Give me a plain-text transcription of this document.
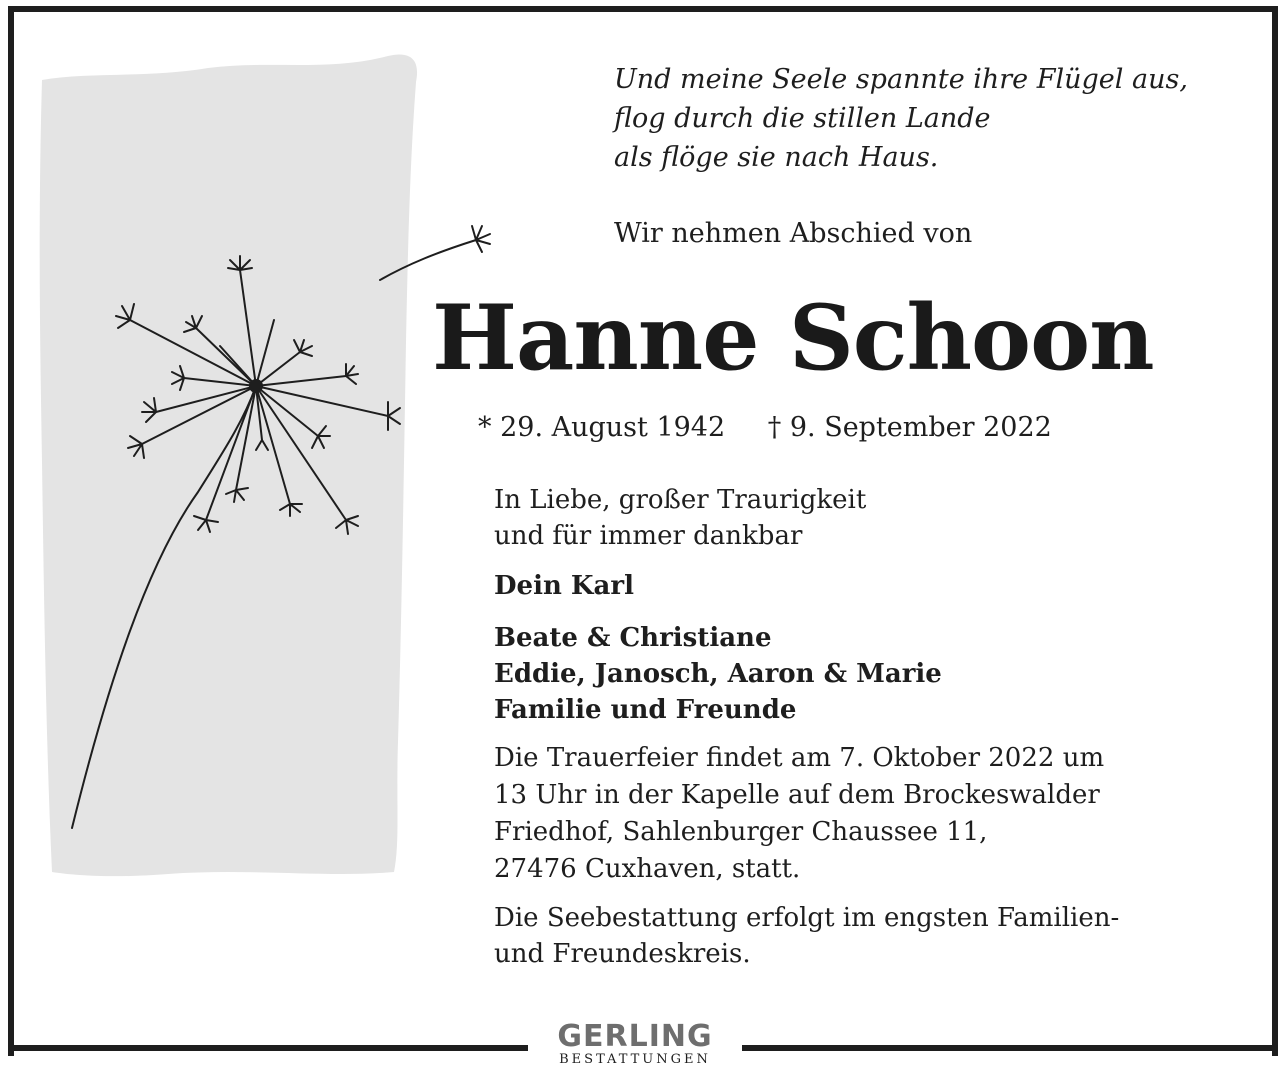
Und meine Seele spannte ihre Flügel aus,
flog durch die stillen Lande
als flöge sie nach Haus.
Wir nehmen Abschied von
Hanne Schoon
* 29. August 1942 † 9. September 2022
In Liebe, großer Traurigkeit
und für immer dankbar
Dein Karl
Beate & Christiane
Eddie, Janosch, Aaron & Marie
Familie und Freunde
Die Trauerfeier findet am 7. Oktober 2022 um
13 Uhr in der Kapelle auf dem Brockeswalder
Friedhof, Sahlenburger Chaussee 11,
27476 Cuxhaven, statt.
Die Seebestattung erfolgt im engsten Familien-
und Freundeskreis.
GERLING
BESTATTUNGEN
